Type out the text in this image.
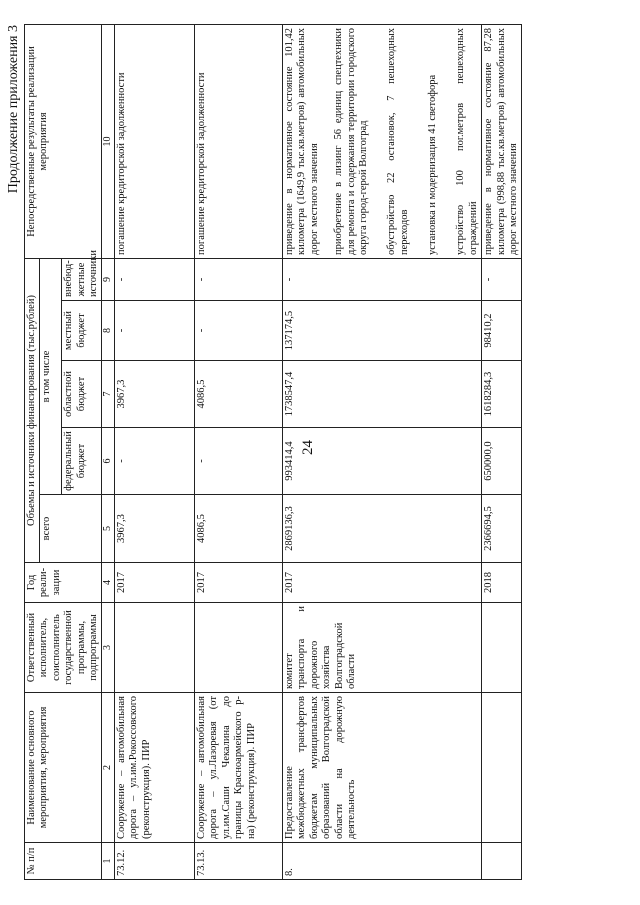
24
Продолжение приложения 3
№ п/п	Наименование основного мероприятия, мероприятия	Ответственный исполнитель, соисполнитель государственной программы, подпрограммы	Год реали-зации	Объемы и источники финансирования (тыс.рублей)					Непосредственные результаты реализации мероприятия
				всего	в том числе				
					федеральный бюджет	областной бюджет	местный бюджет	внебюд-жетные источники	
1	2	3	4	5	6	7	8	9	10
73.12.	Сооружение – автомобильная дорога – ул.им.Рокоссовского (реконструкция). ПИР		2017	3967,3	-	3967,3	-	-	погашение кредиторской задолженности
73.13.	Сооружение – автомобильная дорога – ул.Лазоревая (от ул.им.Саши Чекалина до границы Красноармейского р-на) (реконструкция). ПИР		2017	4086,5	-	4086,5	-	-	погашение кредиторской задолженности
8.	Предоставление межбюджетных трансфертов бюджетам муниципальных образований Волгоградской области на дорожную деятельность	комитет транспорта и дорожного хозяйства Волгоградской области	2017	2869136,3	993414,4	1738547,4	137174,5	-	приведение в нормативное состояние 101,42 километра (1649,9 тыс.кв.метров) автомобильных дорог местного значения приобретение в лизинг 56 единиц спецтехники для ремонта и содержания территории городского округа город-герой Волгоград обустройство 22 остановок, 7 пешеходных переходов установка и модернизация 41 светофора устройство 100 пог.метров пешеходных ограждений
			2018	2366694,5	650000,0	1618284,3	98410,2	-	приведение в нормативное состояние 87,28 километра (998,88 тыс.кв.метров) автомобильных дорог местного значения
